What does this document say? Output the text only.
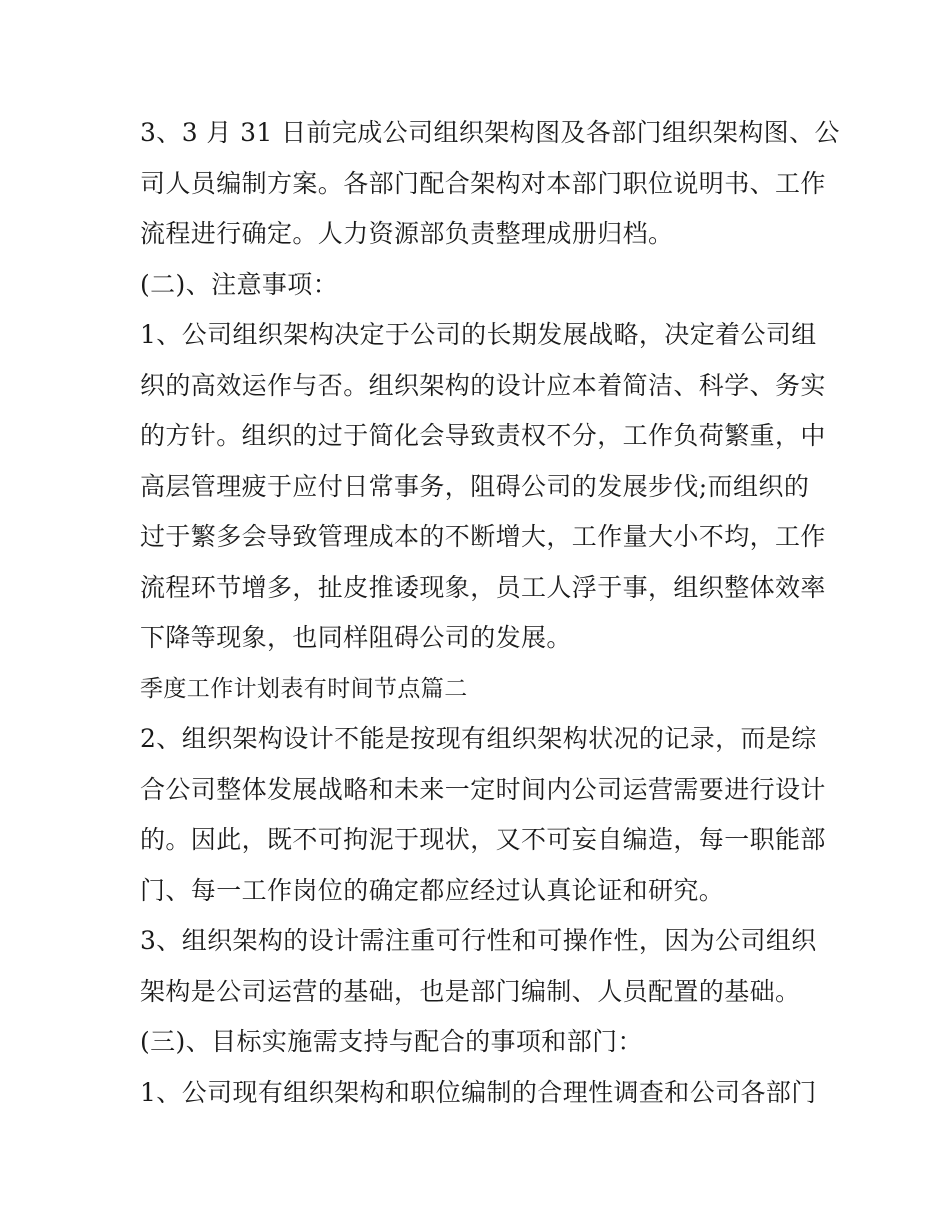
3、3 月 31 日前完成公司组织架构图及各部门组织架构图、公
司人员编制方案。各部门配合架构对本部门职位说明书、工作
流程进行确定。人力资源部负责整理成册归档。

(二)、注意事项：

1、公司组织架构决定于公司的长期发展战略，决定着公司组
织的高效运作与否。组织架构的设计应本着简洁、科学、务实
的方针。组织的过于简化会导致责权不分，工作负荷繁重，中
高层管理疲于应付日常事务，阻碍公司的发展步伐;而组织的
过于繁多会导致管理成本的不断增大，工作量大小不均，工作
流程环节增多，扯皮推诿现象，员工人浮于事，组织整体效率
下降等现象，也同样阻碍公司的发展。

季度工作计划表有时间节点篇二

2、组织架构设计不能是按现有组织架构状况的记录，而是综
合公司整体发展战略和未来一定时间内公司运营需要进行设计
的。因此，既不可拘泥于现状，又不可妄自编造，每一职能部
门、每一工作岗位的确定都应经过认真论证和研究。

3、组织架构的设计需注重可行性和可操作性，因为公司组织
架构是公司运营的基础，也是部门编制、人员配置的基础。

(三)、目标实施需支持与配合的事项和部门：

1、公司现有组织架构和职位编制的合理性调查和公司各部门
